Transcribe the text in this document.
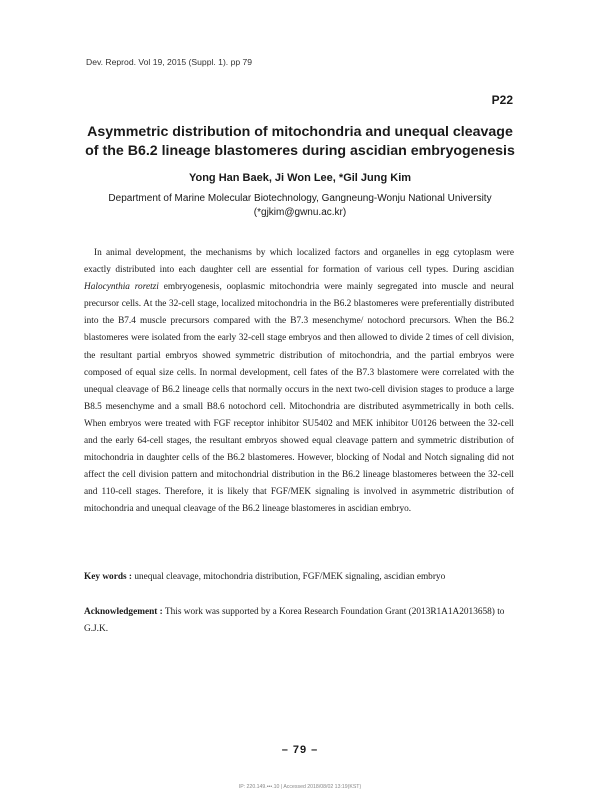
Dev. Reprod. Vol 19, 2015 (Suppl. 1). pp 79
P22
Asymmetric distribution of mitochondria and unequal cleavage
of the B6.2 lineage blastomeres during ascidian embryogenesis
Yong Han Baek, Ji Won Lee, *Gil Jung Kim
Department of Marine Molecular Biotechnology, Gangneung-Wonju National University
(*gjkim@gwnu.ac.kr)

In animal development, the mechanisms by which localized factors and organelles in egg cytoplasm were exactly distributed into each daughter cell are essential for formation of various cell types. During ascidian Halocynthia roretzi embryogenesis, ooplasmic mitochondria were mainly segregated into muscle and neural precursor cells. At the 32-cell stage, localized mitochondria in the B6.2 blastomeres were preferentially distributed into the B7.4 muscle precursors compared with the B7.3 mesenchyme/ notochord precursors. When the B6.2 blastomeres were isolated from the early 32-cell stage embryos and then allowed to divide 2 times of cell division, the resultant partial embryos showed symmetric distribution of mitochondria, and the partial embryos were composed of equal size cells. In normal development, cell fates of the B7.3 blastomere were correlated with the unequal cleavage of B6.2 lineage cells that normally occurs in the next two-cell division stages to produce a large B8.5 mesenchyme and a small B8.6 notochord cell. Mitochondria are distributed asymmetrically in both cells. When embryos were treated with FGF receptor inhibitor SU5402 and MEK inhibitor U0126 between the 32-cell and the early 64-cell stages, the resultant embryos showed equal cleavage pattern and symmetric distribution of mitochondria in daughter cells of the B6.2 blastomeres. However, blocking of Nodal and Notch signaling did not affect the cell division pattern and mitochondrial distribution in the B6.2 lineage blastomeres between the 32-cell and 110-cell stages. Therefore, it is likely that FGF/MEK signaling is involved in asymmetric distribution of mitochondria and unequal cleavage of the B6.2 lineage blastomeres in ascidian embryo.

Key words : unequal cleavage, mitochondria distribution, FGF/MEK signaling, ascidian embryo

Acknowledgement : This work was supported by a Korea Research Foundation Grant (2013R1A1A2013658) to G.J.K.

– 79 –
IP: 220.149.•••.10 | Accessed 2018/08/02 13:19(KST)
